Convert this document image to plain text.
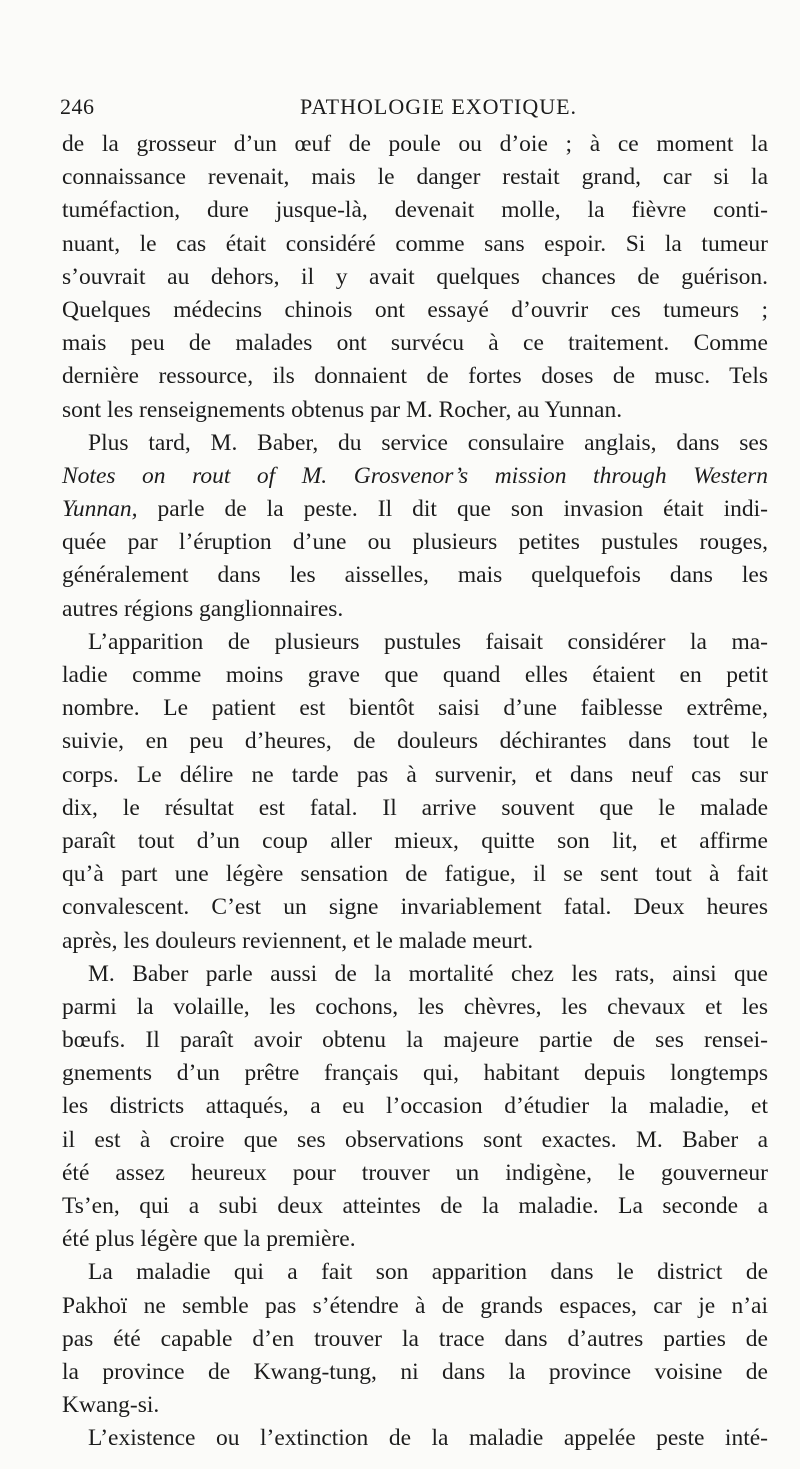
246	PATHOLOGIE EXOTIQUE.
de la grosseur d’un œuf de poule ou d’oie ; à ce moment la
connaissance revenait, mais le danger restait grand, car si la
tuméfaction, dure jusque-là, devenait molle, la fièvre conti-
nuant, le cas était considéré comme sans espoir. Si la tumeur
s’ouvrait au dehors, il y avait quelques chances de guérison.
Quelques médecins chinois ont essayé d’ouvrir ces tumeurs ;
mais peu de malades ont survécu à ce traitement. Comme
dernière ressource, ils donnaient de fortes doses de musc. Tels
sont les renseignements obtenus par M. Rocher, au Yunnan.
Plus tard, M. Baber, du service consulaire anglais, dans ses
Notes on rout of M. Grosvenor’s mission through Western
Yunnan, parle de la peste. Il dit que son invasion était indi-
quée par l’éruption d’une ou plusieurs petites pustules rouges,
généralement dans les aisselles, mais quelquefois dans les
autres régions ganglionnaires.
L’apparition de plusieurs pustules faisait considérer la ma-
ladie comme moins grave que quand elles étaient en petit
nombre. Le patient est bientôt saisi d’une faiblesse extrême,
suivie, en peu d’heures, de douleurs déchirantes dans tout le
corps. Le délire ne tarde pas à survenir, et dans neuf cas sur
dix, le résultat est fatal. Il arrive souvent que le malade
paraît tout d’un coup aller mieux, quitte son lit, et affirme
qu’à part une légère sensation de fatigue, il se sent tout à fait
convalescent. C’est un signe invariablement fatal. Deux heures
après, les douleurs reviennent, et le malade meurt.
M. Baber parle aussi de la mortalité chez les rats, ainsi que
parmi la volaille, les cochons, les chèvres, les chevaux et les
bœufs. Il paraît avoir obtenu la majeure partie de ses rensei-
gnements d’un prêtre français qui, habitant depuis longtemps
les districts attaqués, a eu l’occasion d’étudier la maladie, et
il est à croire que ses observations sont exactes. M. Baber a
été assez heureux pour trouver un indigène, le gouverneur
Ts’en, qui a subi deux atteintes de la maladie. La seconde a
été plus légère que la première.
La maladie qui a fait son apparition dans le district de
Pakhoï ne semble pas s’étendre à de grands espaces, car je n’ai
pas été capable d’en trouver la trace dans d’autres parties de
la province de Kwang-tung, ni dans la province voisine de
Kwang-si.
L’existence ou l’extinction de la maladie appelée peste inté-
